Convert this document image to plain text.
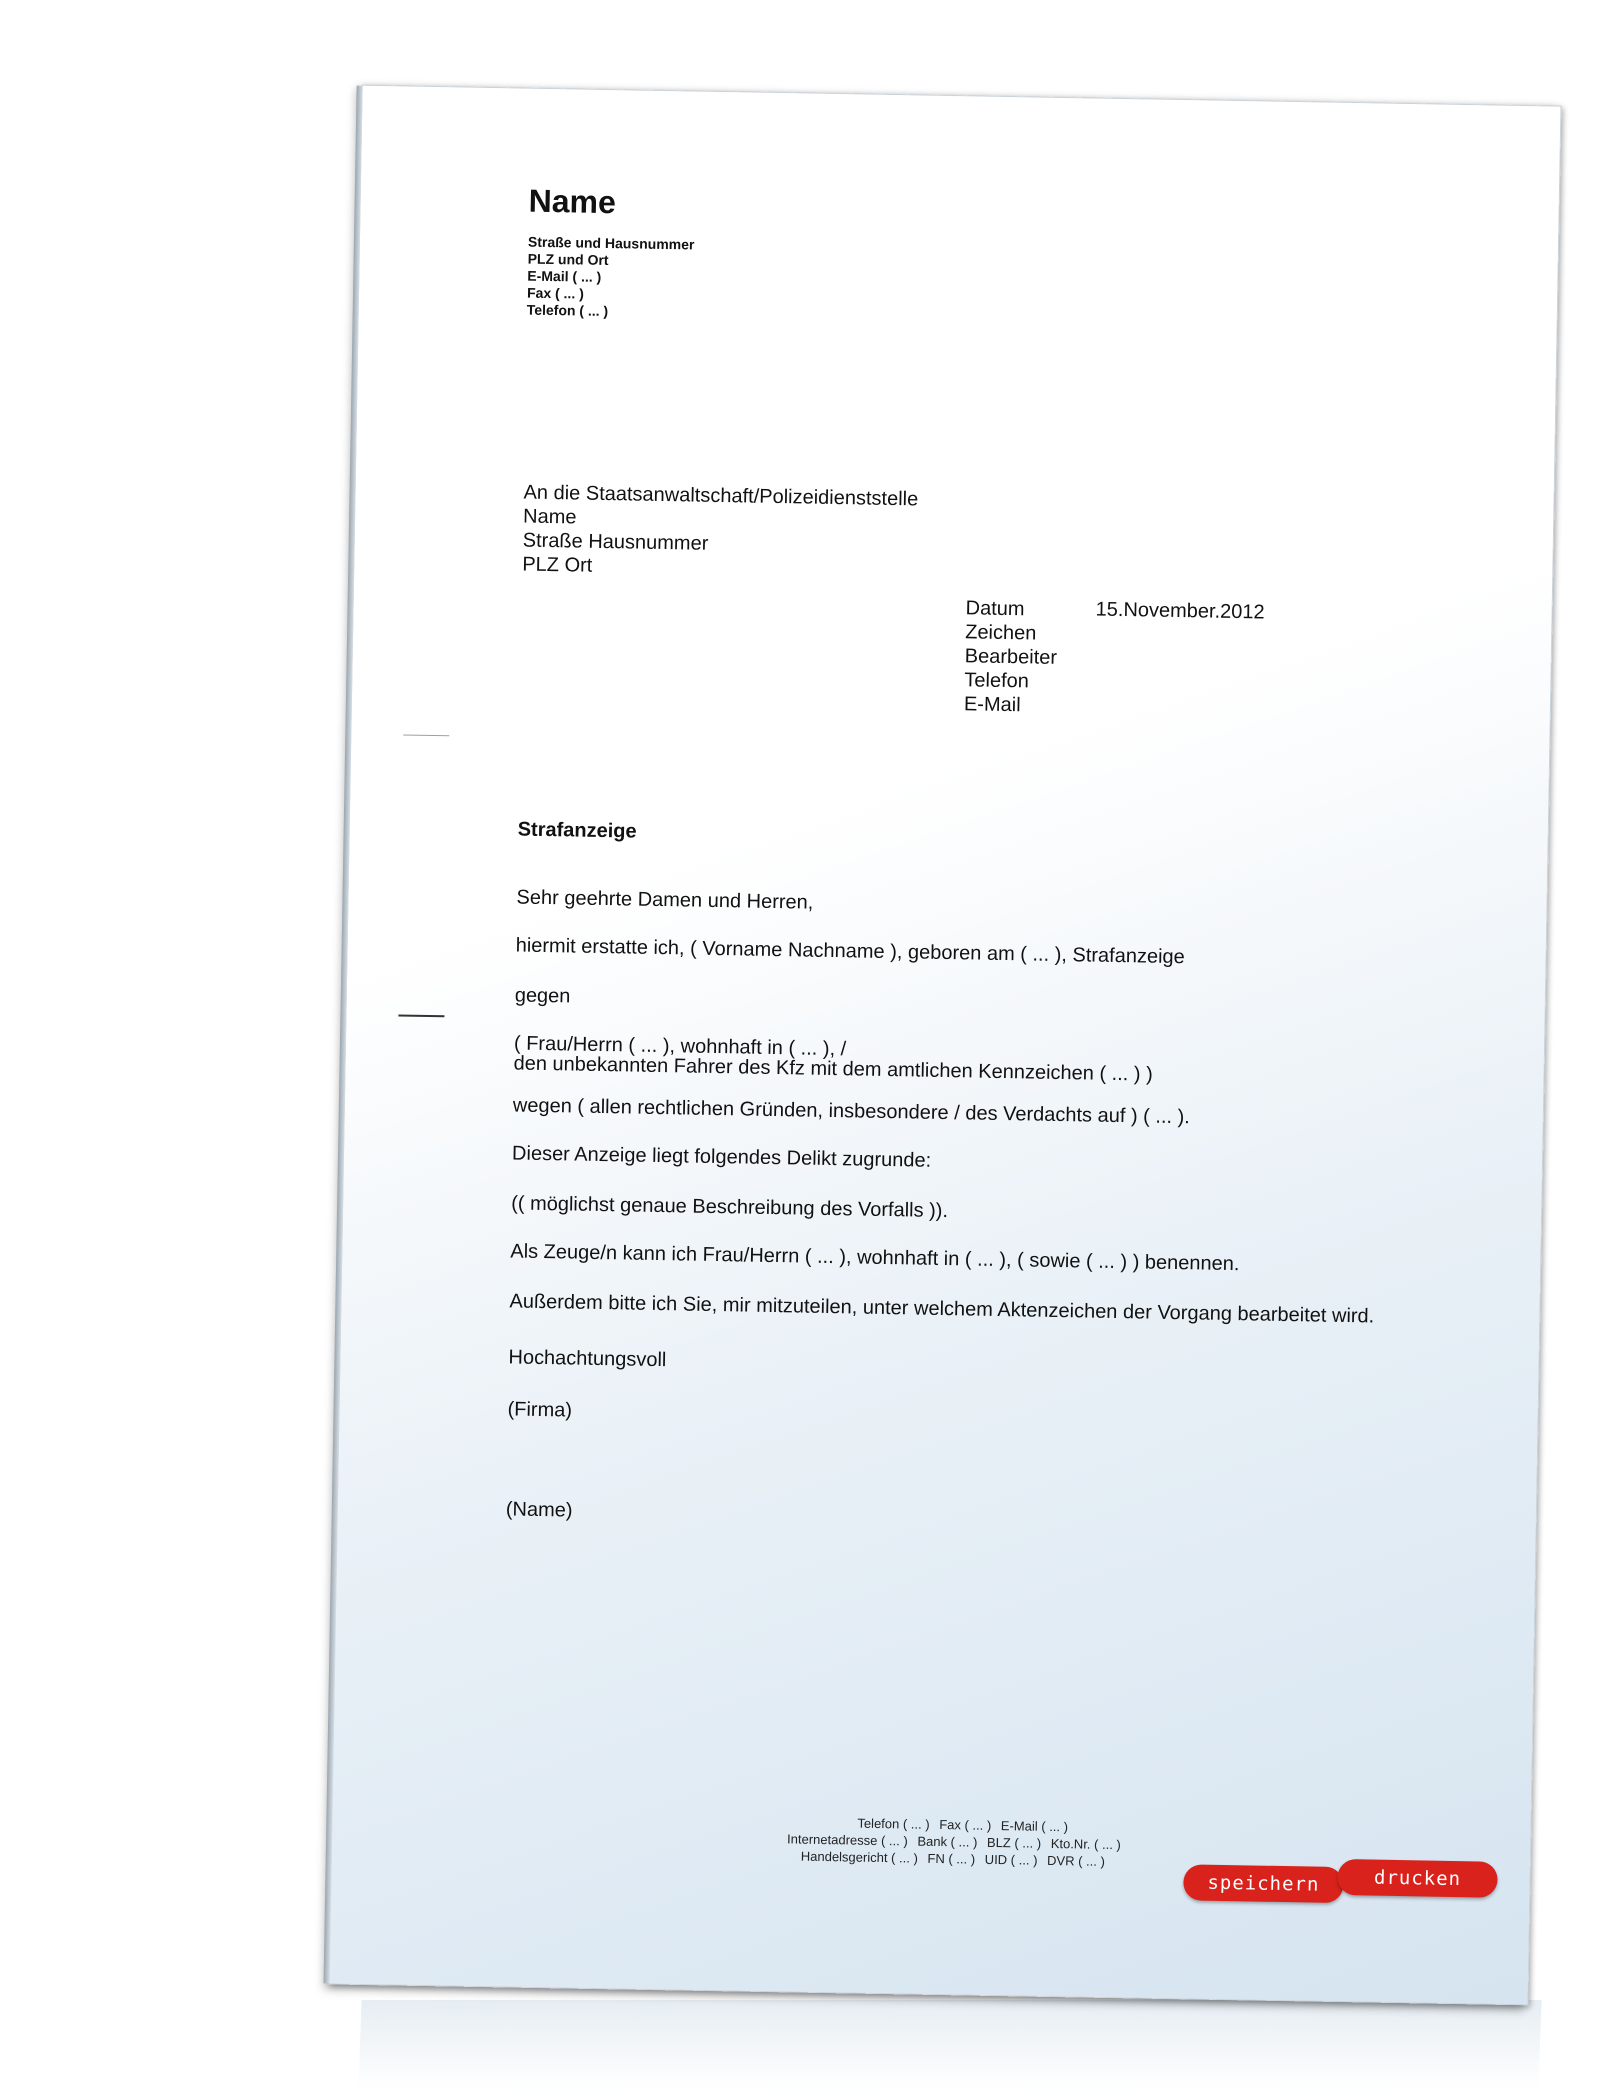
Name
Straße und Hausnummer
PLZ und Ort
E-Mail ( ... )
Fax ( ... )
Telefon ( ... )
An die Staatsanwaltschaft/Polizeidienststelle
Name
Straße Hausnummer
PLZ Ort
Datum
Zeichen
Bearbeiter
Telefon
E-Mail
15.November.2012
Strafanzeige
Sehr geehrte Damen und Herren,
hiermit erstatte ich, ( Vorname Nachname ), geboren am ( ... ), Strafanzeige
gegen
( Frau/Herrn ( ... ), wohnhaft in ( ... ), /
den unbekannten Fahrer des Kfz mit dem amtlichen Kennzeichen ( ... ) )
wegen ( allen rechtlichen Gründen, insbesondere / des Verdachts auf ) ( ... ).
Dieser Anzeige liegt folgendes Delikt zugrunde:
(( möglichst genaue Beschreibung des Vorfalls )).
Als Zeuge/n kann ich Frau/Herrn ( ... ), wohnhaft in ( ... ), ( sowie ( ... ) ) benennen.
Außerdem bitte ich Sie, mir mitzuteilen, unter welchem Aktenzeichen der Vorgang bearbeitet wird.
Hochachtungsvoll
(Firma)
(Name)
Telefon ( ... ) Fax ( ... ) E-Mail ( ... )
Internetadresse ( ... ) Bank ( ... ) BLZ ( ... ) Kto.Nr. ( ... )
Handelsgericht ( ... ) FN ( ... ) UID ( ... ) DVR ( ... )
speichern	drucken
